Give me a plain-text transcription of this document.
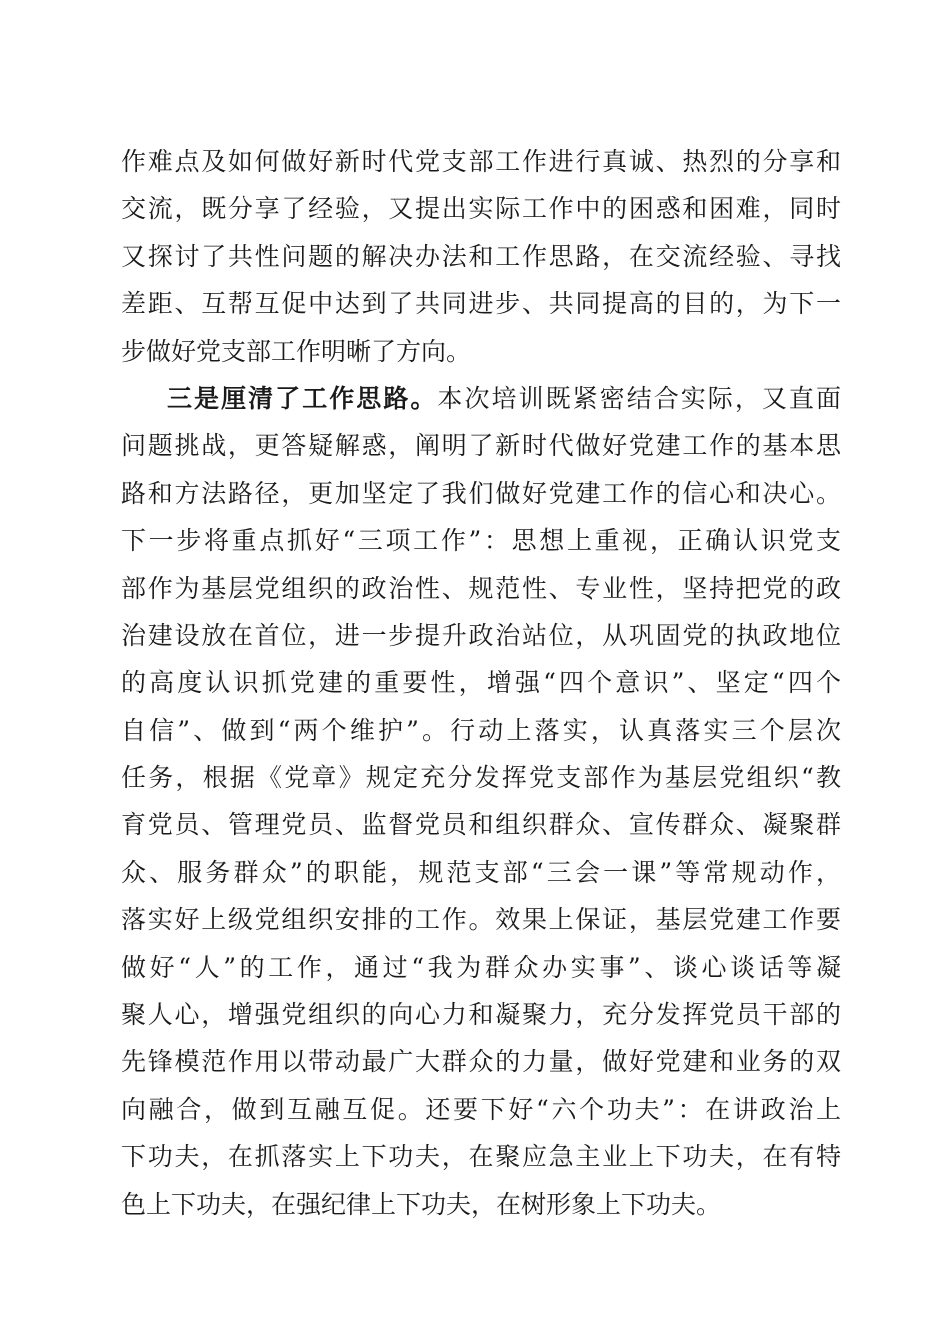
作难点及如何做好新时代党支部工作进行真诚、热烈的分享和
交流，既分享了经验，又提出实际工作中的困惑和困难，同时
又探讨了共性问题的解决办法和工作思路，在交流经验、寻找
差距、互帮互促中达到了共同进步、共同提高的目的，为下一
步做好党支部工作明晰了方向。
三是厘清了工作思路。本次培训既紧密结合实际，又直面
问题挑战，更答疑解惑，阐明了新时代做好党建工作的基本思
路和方法路径，更加坚定了我们做好党建工作的信心和决心。
下一步将重点抓好“三项工作”：思想上重视，正确认识党支
部作为基层党组织的政治性、规范性、专业性，坚持把党的政
治建设放在首位，进一步提升政治站位，从巩固党的执政地位
的高度认识抓党建的重要性，增强“四个意识”、坚定“四个
自信”、做到“两个维护”。行动上落实，认真落实三个层次
任务，根据《党章》规定充分发挥党支部作为基层党组织“教
育党员、管理党员、监督党员和组织群众、宣传群众、凝聚群
众、服务群众”的职能，规范支部“三会一课”等常规动作，
落实好上级党组织安排的工作。效果上保证，基层党建工作要
做好“人”的工作，通过“我为群众办实事”、谈心谈话等凝
聚人心，增强党组织的向心力和凝聚力，充分发挥党员干部的
先锋模范作用以带动最广大群众的力量，做好党建和业务的双
向融合，做到互融互促。还要下好“六个功夫”：在讲政治上
下功夫，在抓落实上下功夫，在聚应急主业上下功夫，在有特
色上下功夫，在强纪律上下功夫，在树形象上下功夫。
